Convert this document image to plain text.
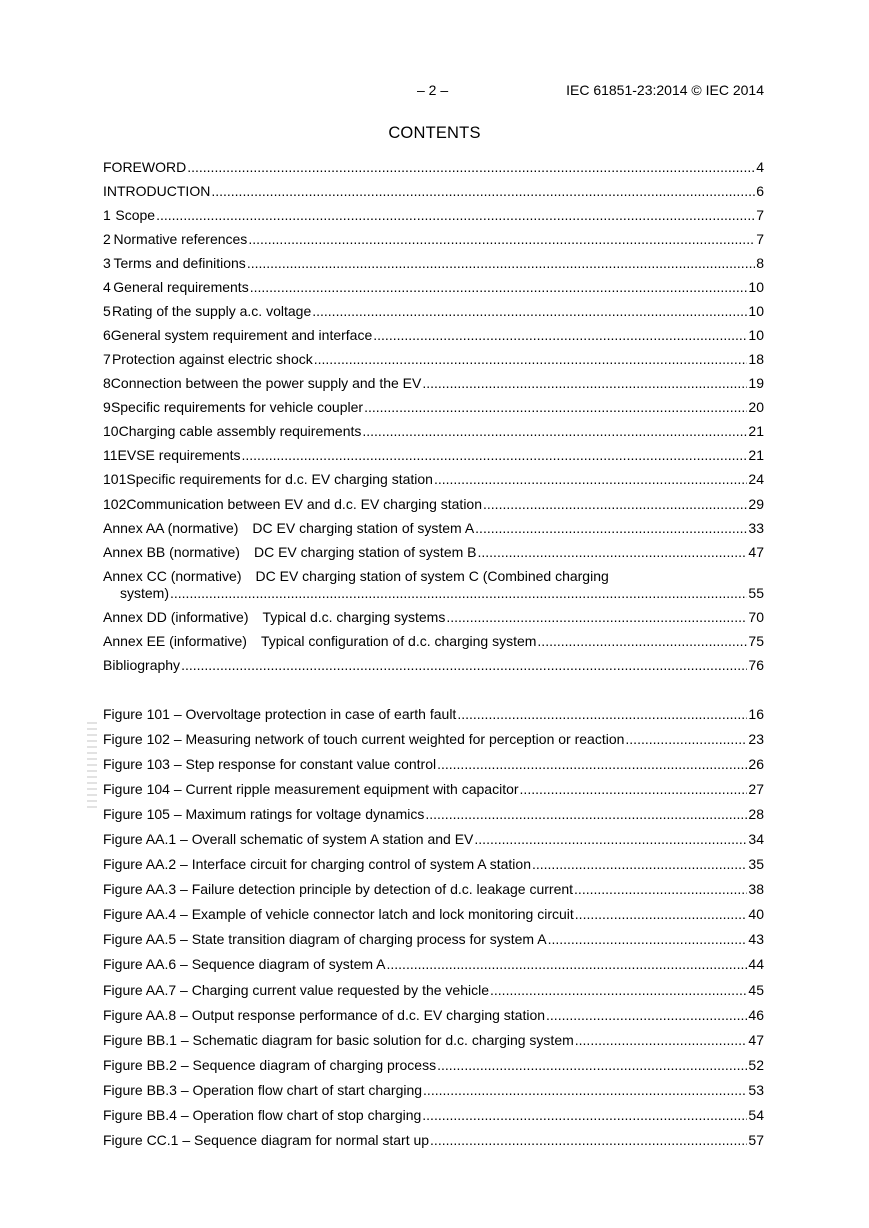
– 2 –	IEC 61851-23:2014 © IEC 2014
CONTENTS
FOREWORD .....	4
INTRODUCTION .....	6
1 Scope .....	7
2 Normative references .....	7
3 Terms and definitions .....	8
4 General requirements .....	10
5 Rating of the supply a.c. voltage .....	10
6 General system requirement and interface .....	10
7 Protection against electric shock .....	18
8 Connection between the power supply and the EV .....	19
9 Specific requirements for vehicle coupler .....	20
10 Charging cable assembly requirements .....	21
11 EVSE requirements .....	21
101 Specific requirements for d.c. EV charging station .....	24
102 Communication between EV and d.c. EV charging station .....	29
Annex AA (normative) DC EV charging station of system A .....	33
Annex BB (normative) DC EV charging station of system B .....	47
Annex CC (normative) DC EV charging station of system C (Combined charging
system) .....	55
Annex DD (informative) Typical d.c. charging systems .....	70
Annex EE (informative) Typical configuration of d.c. charging system .....	75
Bibliography .....	76
Figure 101 – Overvoltage protection in case of earth fault .....	16
Figure 102 – Measuring network of touch current weighted for perception or reaction .....	23
Figure 103 – Step response for constant value control .....	26
Figure 104 – Current ripple measurement equipment with capacitor .....	27
Figure 105 – Maximum ratings for voltage dynamics .....	28
Figure AA.1 – Overall schematic of system A station and EV .....	34
Figure AA.2 – Interface circuit for charging control of system A station .....	35
Figure AA.3 – Failure detection principle by detection of d.c. leakage current .....	38
Figure AA.4 – Example of vehicle connector latch and lock monitoring circuit .....	40
Figure AA.5 – State transition diagram of charging process for system A .....	43
Figure AA.6 – Sequence diagram of system A .....	44
Figure AA.7 – Charging current value requested by the vehicle .....	45
Figure AA.8 – Output response performance of d.c. EV charging station .....	46
Figure BB.1 – Schematic diagram for basic solution for d.c. charging system .....	47
Figure BB.2 – Sequence diagram of charging process .....	52
Figure BB.3 – Operation flow chart of start charging .....	53
Figure BB.4 – Operation flow chart of stop charging .....	54
Figure CC.1 – Sequence diagram for normal start up .....	57
